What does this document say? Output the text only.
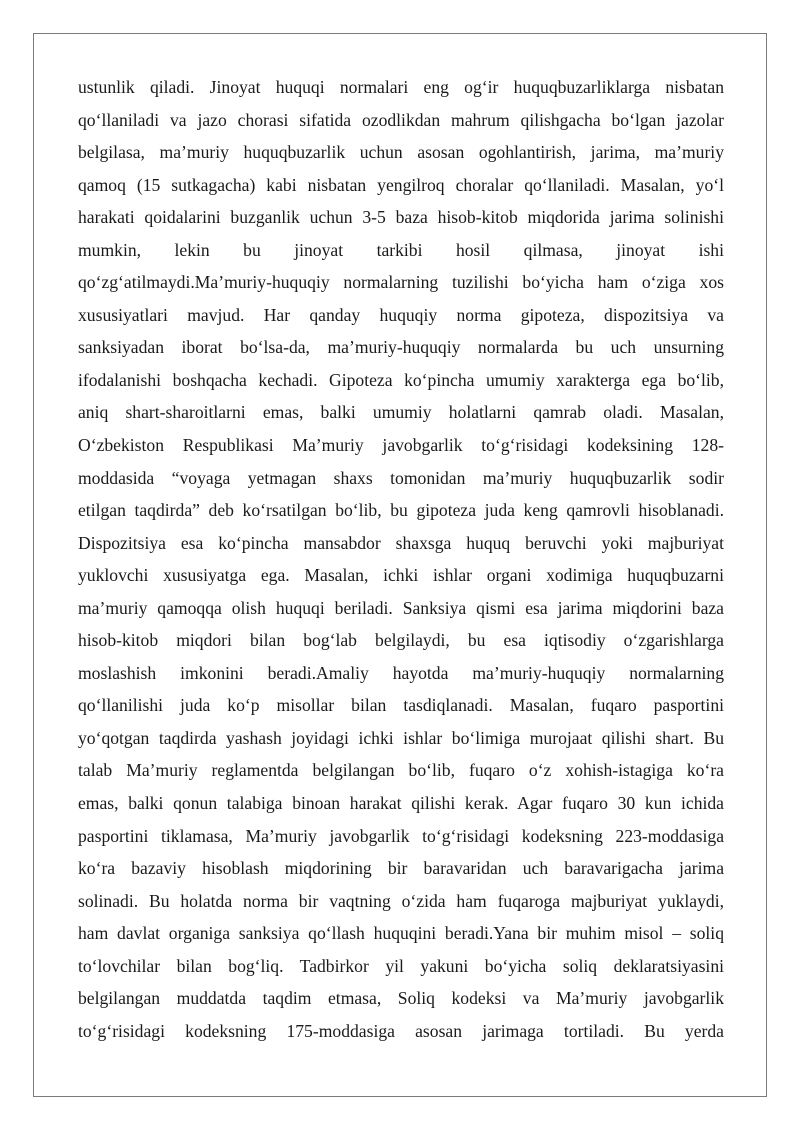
ustunlik qiladi. Jinoyat huquqi normalari eng og‘ir huquqbuzarliklarga nisbatan
qo‘llaniladi va jazo chorasi sifatida ozodlikdan mahrum qilishgacha bo‘lgan jazolar
belgilasa, ma’muriy huquqbuzarlik uchun asosan ogohlantirish, jarima, ma’muriy
qamoq (15 sutkagacha) kabi nisbatan yengilroq choralar qo‘llaniladi. Masalan, yo‘l
harakati qoidalarini buzganlik uchun 3-5 baza hisob-kitob miqdorida jarima solinishi
mumkin, lekin bu jinoyat tarkibi hosil qilmasa, jinoyat ishi
qo‘zg‘atilmaydi.Ma’muriy-huquqiy normalarning tuzilishi bo‘yicha ham o‘ziga xos
xususiyatlari mavjud. Har qanday huquqiy norma gipoteza, dispozitsiya va
sanksiyadan iborat bo‘lsa-da, ma’muriy-huquqiy normalarda bu uch unsurning
ifodalanishi boshqacha kechadi. Gipoteza ko‘pincha umumiy xarakterga ega bo‘lib,
aniq shart-sharoitlarni emas, balki umumiy holatlarni qamrab oladi. Masalan,
O‘zbekiston Respublikasi Ma’muriy javobgarlik to‘g‘risidagi kodeksining 128-
moddasida “voyaga yetmagan shaxs tomonidan ma’muriy huquqbuzarlik sodir
etilgan taqdirda” deb ko‘rsatilgan bo‘lib, bu gipoteza juda keng qamrovli hisoblanadi.
Dispozitsiya esa ko‘pincha mansabdor shaxsga huquq beruvchi yoki majburiyat
yuklovchi xususiyatga ega. Masalan, ichki ishlar organi xodimiga huquqbuzarni
ma’muriy qamoqqa olish huquqi beriladi. Sanksiya qismi esa jarima miqdorini baza
hisob-kitob miqdori bilan bog‘lab belgilaydi, bu esa iqtisodiy o‘zgarishlarga
moslashish imkonini beradi.Amaliy hayotda ma’muriy-huquqiy normalarning
qo‘llanilishi juda ko‘p misollar bilan tasdiqlanadi. Masalan, fuqaro pasportini
yo‘qotgan taqdirda yashash joyidagi ichki ishlar bo‘limiga murojaat qilishi shart. Bu
talab Ma’muriy reglamentda belgilangan bo‘lib, fuqaro o‘z xohish-istagiga ko‘ra
emas, balki qonun talabiga binoan harakat qilishi kerak. Agar fuqaro 30 kun ichida
pasportini tiklamasa, Ma’muriy javobgarlik to‘g‘risidagi kodeksning 223-moddasiga
ko‘ra bazaviy hisoblash miqdorining bir baravaridan uch baravarigacha jarima
solinadi. Bu holatda norma bir vaqtning o‘zida ham fuqaroga majburiyat yuklaydi,
ham davlat organiga sanksiya qo‘llash huquqini beradi.Yana bir muhim misol – soliq
to‘lovchilar bilan bog‘liq. Tadbirkor yil yakuni bo‘yicha soliq deklaratsiyasini
belgilangan muddatda taqdim etmasa, Soliq kodeksi va Ma’muriy javobgarlik
to‘g‘risidagi kodeksning 175-moddasiga asosan jarimaga tortiladi. Bu yerda
